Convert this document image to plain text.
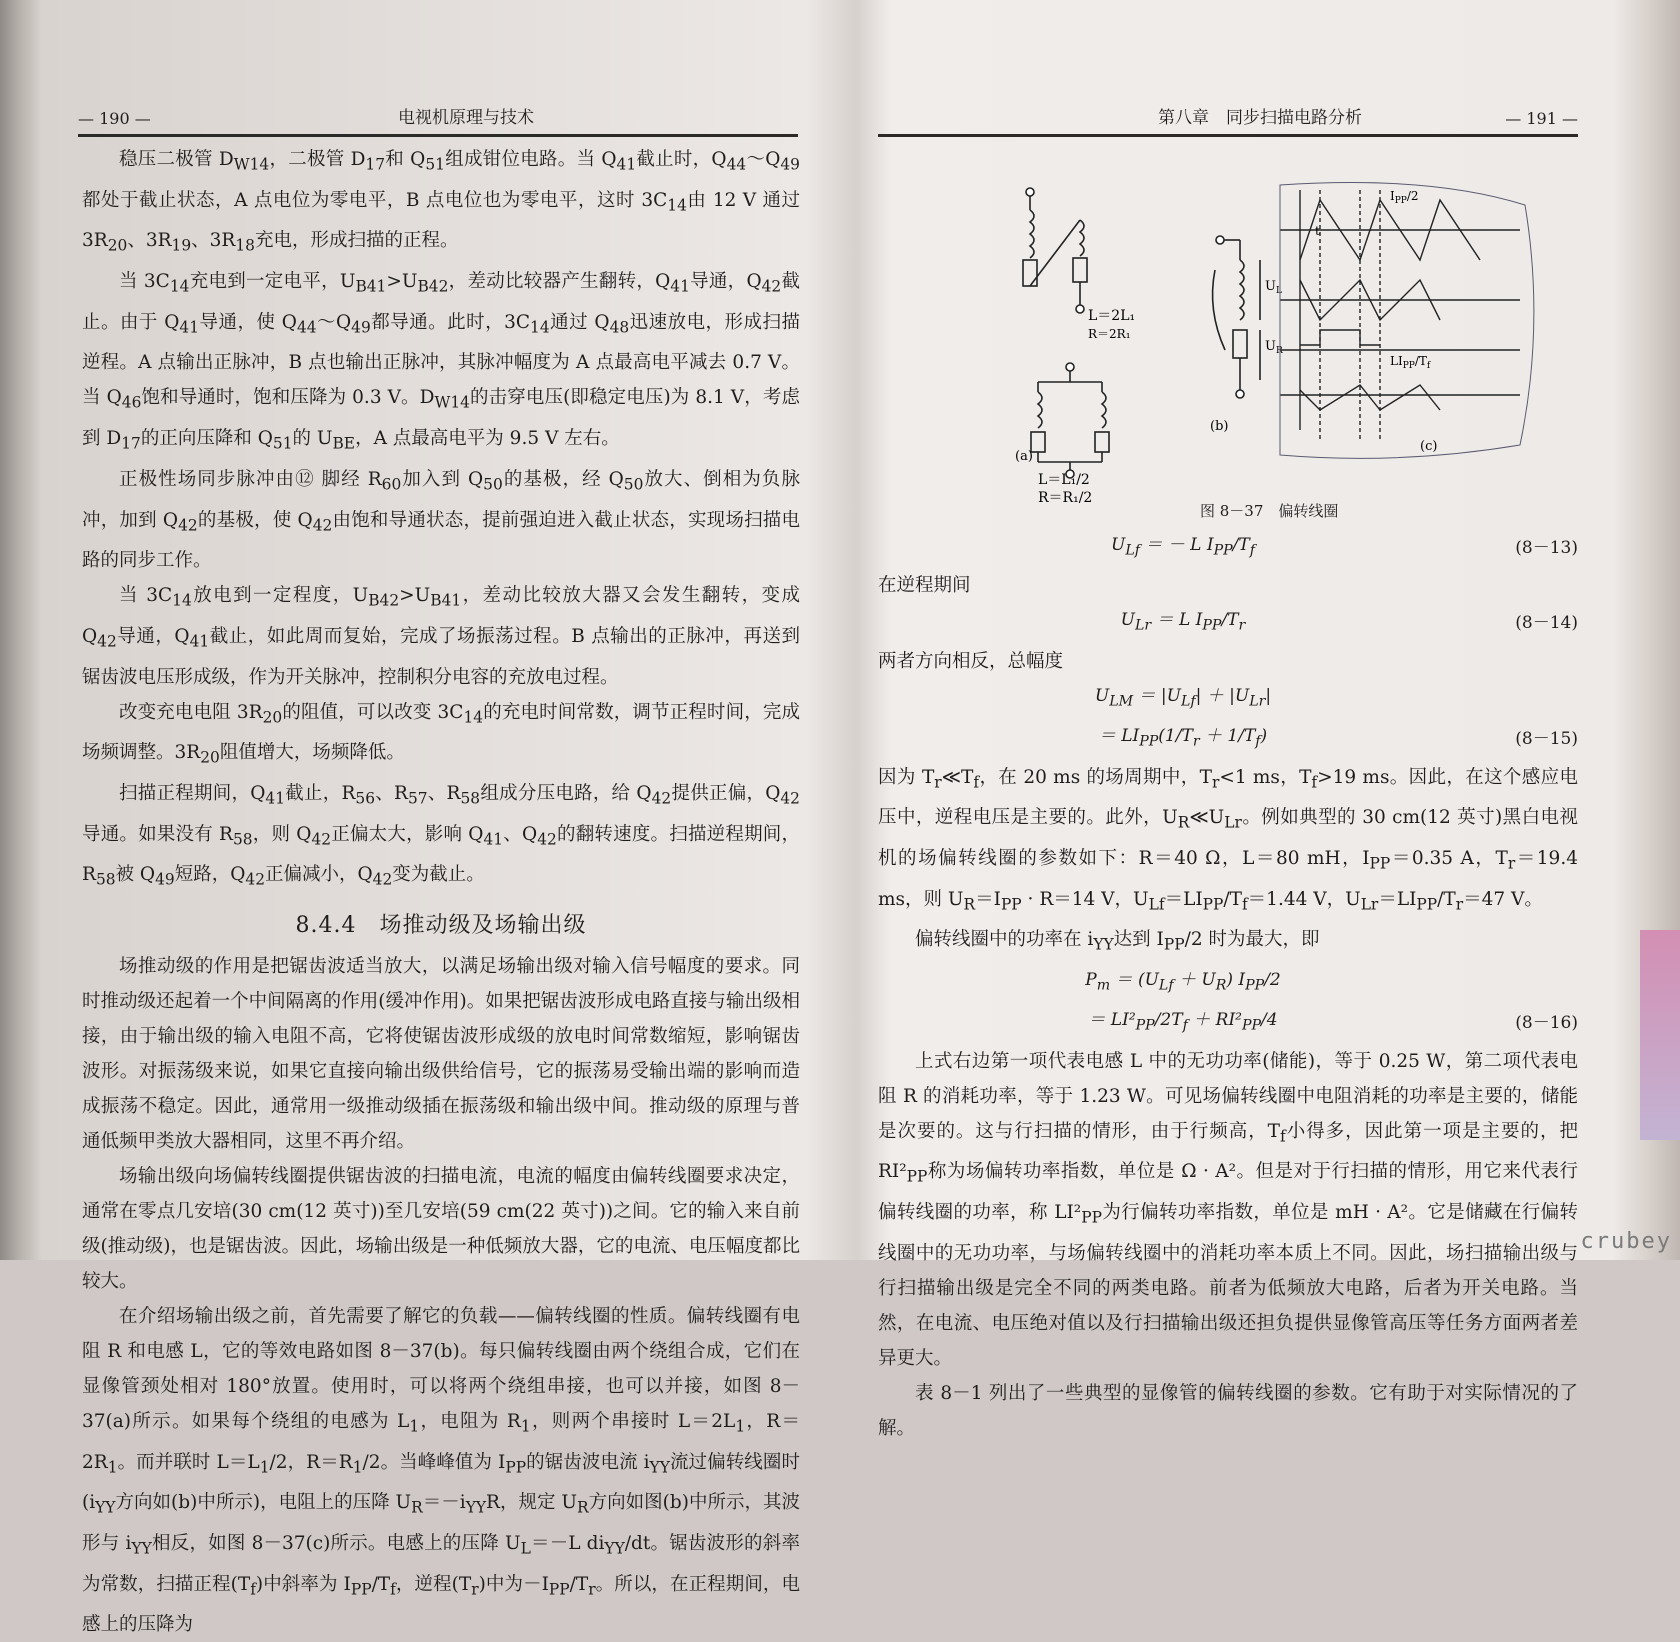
— 190 —	电视机原理与技术

稳压二极管 $D_{W14}$，二极管 $D_{17}$和 $Q_{51}$组成钳位电路。当 $Q_{41}$截止时，$Q_{44}\sim Q_{49}$都处于截止状态，A 点电位为零电平，B 点电位也为零电平，这时 $3C_{14}$由 12 V 通过 $3R_{20}$、$3R_{19}$、$3R_{18}$充电，形成扫描的正程。

当 $3C_{14}$充电到一定电平，$U_{B41}>U_{B42}$，差动比较器产生翻转，$Q_{41}$导通，$Q_{42}$截止。由于 $Q_{41}$导通，使 $Q_{44}\sim Q_{49}$都导通。此时，$3C_{14}$通过 $Q_{48}$迅速放电，形成扫描逆程。A 点输出正脉冲，B 点也输出正脉冲，其脉冲幅度为 A 点最高电平减去 0.7 V。当 $Q_{46}$饱和导通时，饱和压降为 0.3 V。$D_{W14}$的击穿电压(即稳定电压)为 8.1 V，考虑到 $D_{17}$的正向压降和 $Q_{51}$的 $U_{BE}$，A 点最高电平为 9.5 V 左右。

正极性场同步脉冲由⑫ 脚经 $R_{60}$加入到 $Q_{50}$的基极，经 $Q_{50}$放大、倒相为负脉冲，加到 $Q_{42}$的基极，使 $Q_{42}$由饱和导通状态，提前强迫进入截止状态，实现场扫描电路的同步工作。

当 $3C_{14}$放电到一定程度，$U_{B42}>U_{B41}$，差动比较放大器又会发生翻转，变成 $Q_{42}$导通，$Q_{41}$截止，如此周而复始，完成了场振荡过程。B 点输出的正脉冲，再送到锯齿波电压形成级，作为开关脉冲，控制积分电容的充放电过程。

改变充电电阻 $3R_{20}$的阻值，可以改变 $3C_{14}$的充电时间常数，调节正程时间，完成场频调整。$3R_{20}$阻值增大，场频降低。

扫描正程期间，$Q_{41}$截止，$R_{56}$、$R_{57}$、$R_{58}$组成分压电路，给 $Q_{42}$提供正偏，$Q_{42}$导通。如果没有 $R_{58}$，则 $Q_{42}$正偏太大，影响 $Q_{41}$、$Q_{42}$的翻转速度。扫描逆程期间，$R_{58}$被 $Q_{49}$短路，$Q_{42}$正偏减小，$Q_{42}$变为截止。

8.4.4　场推动级及场输出级

场推动级的作用是把锯齿波适当放大，以满足场输出级对输入信号幅度的要求。同时推动级还起着一个中间隔离的作用(缓冲作用)。如果把锯齿波形成电路直接与输出级相接，由于输出级的输入电阻不高，它将使锯齿波形成级的放电时间常数缩短，影响锯齿波形。对振荡级来说，如果它直接向输出级供给信号，它的振荡易受输出端的影响而造成振荡不稳定。因此，通常用一级推动级插在振荡级和输出级中间。推动级的原理与普通低频甲类放大器相同，这里不再介绍。

场输出级向场偏转线圈提供锯齿波的扫描电流，电流的幅度由偏转线圈要求决定，通常在零点几安培(30 cm(12 英寸))至几安培(59 cm(22 英寸))之间。它的输入来自前级(推动级)，也是锯齿波。因此，场输出级是一种低频放大器，它的电流、电压幅度都比较大。

在介绍场输出级之前，首先需要了解它的负载——偏转线圈的性质。偏转线圈有电阻 R 和电感 L，它的等效电路如图 8－37(b)。每只偏转线圈由两个绕组合成，它们在显像管颈处相对 180°放置。使用时，可以将两个绕组串接，也可以并接，如图 8－37(a)所示。如果每个绕组的电感为 $L_1$，电阻为 $R_1$，则两个串接时 $L=2L_1$，$R=2R_1$。而并联时 $L=L_1/2$，$R=R_1/2$。当峰峰值为 $I_{PP}$的锯齿波电流 $i_{YY}$流过偏转线圈时($i_{YY}$方向如(b)中所示)，电阻上的压降 $U_R=-i_{YY}R$，规定 $U_R$方向如图(b)中所示，其波形与 $i_{YY}$相反，如图 8－37(c)所示。电感上的压降 $U_L=-L$ $di_{YY}/dt$。锯齿波形的斜率为常数，扫描正程$(T_f)$中斜率为 $I_{PP}/T_f$，逆程$(T_r)$中为$-I_{PP}/T_r$。所以，在正程期间，电感上的压降为

— 191 —
第八章　同步扫描电路分析
L＝2L₁
R＝2R₁
L＝L₁/2
R＝R₁/2
(a)
$U_L$
$U_R$
(b)
$I_{PP}/2$
$LI_{PP}/T_f$
t
(c)
图 8－37　偏转线圈
$U_{Lf}$ ＝ － L $I_{PP}/T_f$	(8－13)

在逆程期间

$U_{Lr} = L$ $I_{PP}/T_r$	(8－14)

两者方向相反，总幅度

$U_{LM} = |U_{Lf}| + |U_{Lr}|$
＝ $LI_{PP}(1/T_r + 1/T_f)$	(8－15)

因为 $T_r≪T_f$，在 20 ms 的场周期中，$T_r<1$ ms，$T_f>19$ ms。因此，在这个感应电压中，逆程电压是主要的。此外，$U_R≪U_{Lr}$。例如典型的 30 cm(12 英寸)黑白电视机的场偏转线圈的参数如下：R＝40 Ω，L＝80 mH，$I_{PP}=0.35$ A，$T_r=19.4$ ms，则 $U_R=I_{PP} \cdot R=14$ V，$U_{Lf}=LI_{PP}/T_f=1.44$ V，$U_{Lr}=LI_{PP}/T_r=47$ V。

偏转线圈中的功率在 $i_{YY}$达到 $I_{PP}/2$ 时为最大，即

$P_m = (U_{Lf} + U_R)$ $I_{PP}/2$
＝ $LI^2_{PP}/2T_f + RI^2_{PP}/4$	(8－16)

上式右边第一项代表电感 L 中的无功功率(储能)，等于 0.25 W，第二项代表电阻 R 的消耗功率，等于 1.23 W。可见场偏转线圈中电阻消耗的功率是主要的，储能是次要的。这与行扫描的情形，由于行频高，$T_f$小得多，因此第一项是主要的，把 $RI^2_{PP}$称为场偏转功率指数，单位是 Ω · A²。但是对于行扫描的情形，用它来代表行偏转线圈的功率，称 $LI^2_{PP}$为行偏转功率指数，单位是 mH · A²。它是储藏在行偏转线圈中的无功功率，与场偏转线圈中的消耗功率本质上不同。因此，场扫描输出级与行扫描输出级是完全不同的两类电路。前者为低频放大电路，后者为开关电路。当然，在电流、电压绝对值以及行扫描输出级还担负提供显像管高压等任务方面两者差异更大。

表 8－1 列出了一些典型的显像管的偏转线圈的参数。它有助于对实际情况的了解。

crubey
